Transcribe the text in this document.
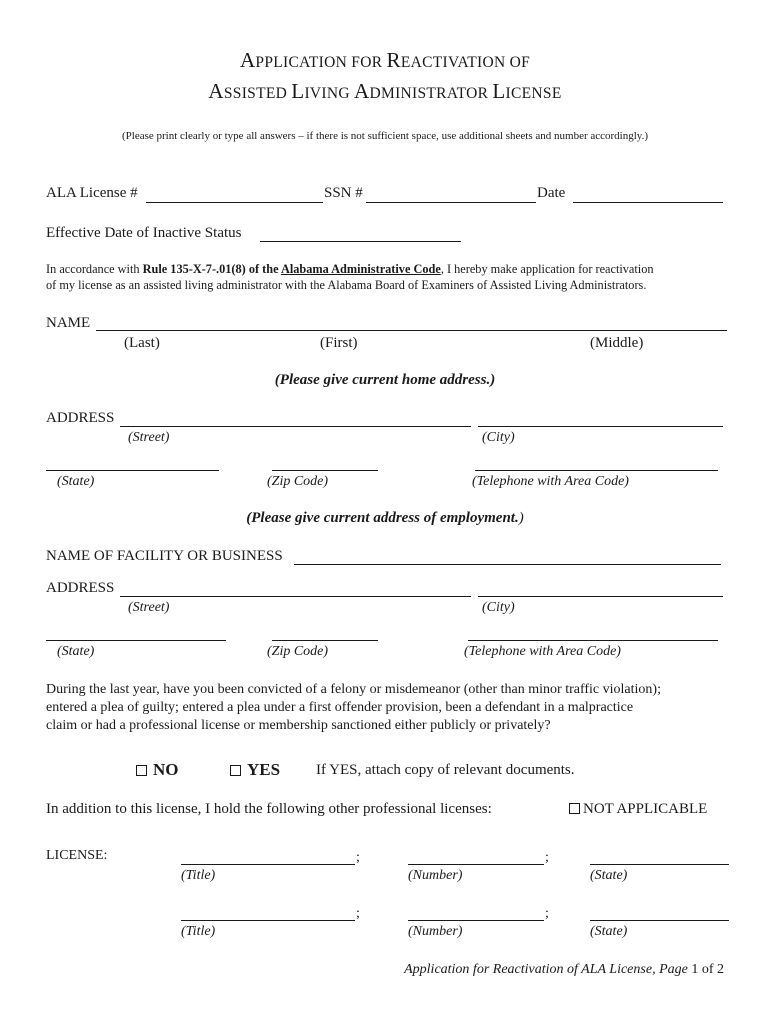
APPLICATION FOR REACTIVATION OF
ASSISTED LIVING ADMINISTRATOR LICENSE
(Please print clearly or type all answers – if there is not sufficient space, use additional sheets and number accordingly.)
ALA License #	SSN #	Date
Effective Date of Inactive Status
In accordance with Rule 135-X-7-.01(8) of the Alabama Administrative Code, I hereby make application for reactivation
of my license as an assisted living administrator with the Alabama Board of Examiners of Assisted Living Administrators.
NAME
(Last)	(First)	(Middle)
(Please give current home address.)
ADDRESS
(Street)	(City)
(State)	(Zip Code)	(Telephone with Area Code)
(Please give current address of employment.)
NAME OF FACILITY OR BUSINESS
ADDRESS
(Street)	(City)
(State)	(Zip Code)	(Telephone with Area Code)
During the last year, have you been convicted of a felony or misdemeanor (other than minor traffic violation);
entered a plea of guilty; entered a plea under a first offender provision, been a defendant in a malpractice
claim or had a professional license or membership sanctioned either publicly or privately?
NO	YES If YES, attach copy of relevant documents.
In addition to this license, I hold the following other professional licenses:	NOT APPLICABLE
LICENSE:	;	;
(Title)	(Number)	(State)
;	;
(Title)	(Number)	(State)
Application for Reactivation of ALA License, Page 1 of 2
